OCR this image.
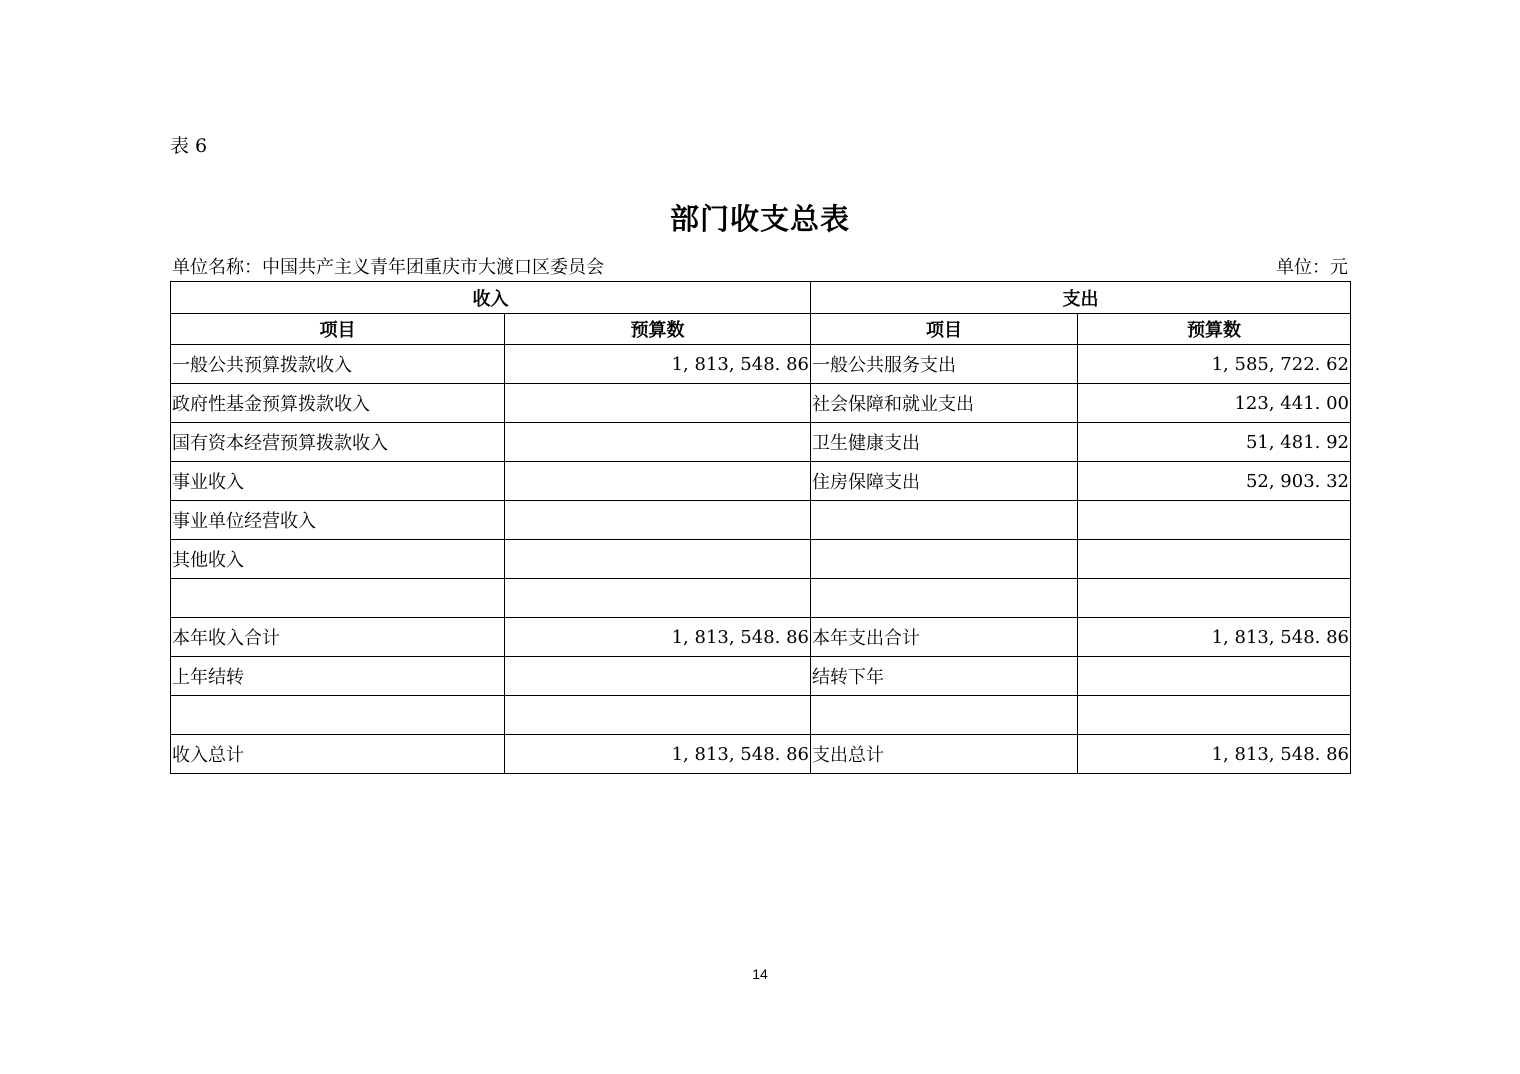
表 6
部门收支总表
单位名称：中国共产主义青年团重庆市大渡口区委员会	单位：元
收入		支出	
项目	预算数	项目	预算数
一般公共预算拨款收入	1, 813, 548. 86	一般公共服务支出	1, 585, 722. 62
政府性基金预算拨款收入		社会保障和就业支出	123, 441. 00
国有资本经营预算拨款收入		卫生健康支出	51, 481. 92
事业收入		住房保障支出	52, 903. 32
事业单位经营收入			
其他收入			

本年收入合计	1, 813, 548. 86	本年支出合计	1, 813, 548. 86
上年结转		结转下年	

收入总计	1, 813, 548. 86	支出总计	1, 813, 548. 86
14
